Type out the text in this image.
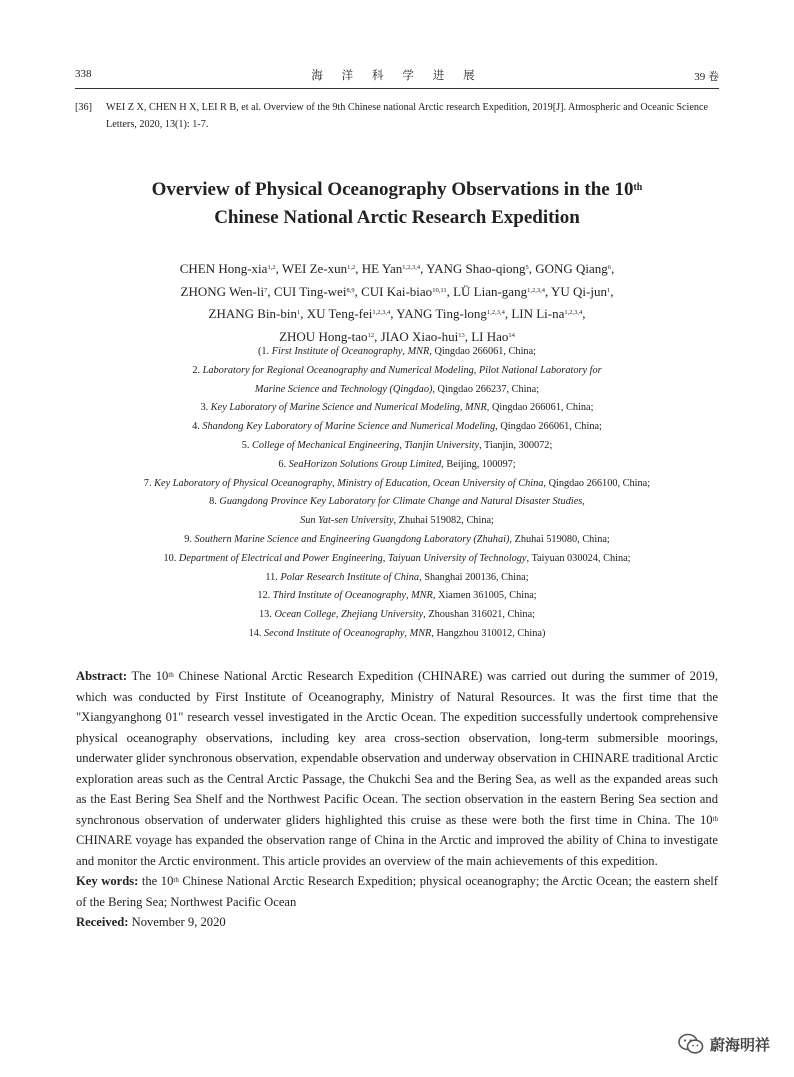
338	海 洋 科 学 进 展	39 卷
[36] WEI Z X, CHEN H X, LEI R B, et al. Overview of the 9th Chinese national Arctic research Expedition, 2019[J]. Atmospheric and Oceanic Science Letters, 2020, 13(1): 1-7.
Overview of Physical Oceanography Observations in the 10th
Chinese National Arctic Research Expedition
CHEN Hong-xia$^{1,2}$, WEI Ze-xun$^{1,2}$, HE Yan$^{1,2,3,4}$, YANG Shao-qiong$^5$, GONG Qiang$^6$,
ZHONG Wen-$li^7$, CUI Ting-wei$^{8,9}$, CUI Kai-biao$^{10,11}$, LÜ Lian-gang$^{1,2,3,4}$, YU Qi-jun$^1$,
ZHANG Bin-bin$^1$, XU Teng-fei$^{1,2,3,4}$, YANG Ting-long$^{1,2,3,4}$, LIN Li-na$^{1,2,3,4}$,
ZHOU Hong-tao$^{12}$, JIAO Xiao-hui$^{13}$, LI Hao$^{14}$
(1. First Institute of Oceanography, MNR, Qingdao 266061, China;
2. Laboratory for Regional Oceanography and Numerical Modeling, Pilot National Laboratory for
Marine Science and Technology (Qingdao), Qingdao 266237, China;
3. Key Laboratory of Marine Science and Numerical Modeling, MNR, Qingdao 266061, China;
4. Shandong Key Laboratory of Marine Science and Numerical Modeling, Qingdao 266061, China;
5. College of Mechanical Engineering, Tianjin University, Tianjin, 300072;
6. SeaHorizon Solutions Group Limited, Beijing, 100097;
7. Key Laboratory of Physical Oceanography, Ministry of Education, Ocean University of China, Qingdao 266100, China;
8. Guangdong Province Key Laboratory for Climate Change and Natural Disaster Studies,
Sun Yat-sen University, Zhuhai 519082, China;
9. Southern Marine Science and Engineering Guangdong Laboratory (Zhuhai), Zhuhai 519080, China;
10. Department of Electrical and Power Engineering, Taiyuan University of Technology, Taiyuan 030024, China;
11. Polar Research Institute of China, Shanghai 200136, China;
12. Third Institute of Oceanography, MNR, Xiamen 361005, China;
13. Ocean College, Zhejiang University, Zhoushan 316021, China;
14. Second Institute of Oceanography, MNR, Hangzhou 310012, China)

Abstract: The 10th Chinese National Arctic Research Expedition (CHINARE) was carried out during the summer of 2019, which was conducted by First Institute of Oceanography, Ministry of Natural Resources. It was the first time that the "Xiangyanghong 01" research vessel investigated in the Arctic Ocean. The expedition successfully undertook comprehensive physical oceanography observations, including key area cross-section observation, long-term submersible moorings, underwater glider synchronous observation, expendable observation and underway observation in CHINARE traditional Arctic exploration areas such as the Central Arctic Passage, the Chukchi Sea and the Bering Sea, as well as the expanded areas such as the East Bering Sea Shelf and the Northwest Pacific Ocean. The section observation in the eastern Bering Sea section and synchronous observation of underwater gliders highlighted this cruise as these were both the first time in China. The 10th CHINARE voyage has expanded the observation range of China in the Arctic and improved the ability of China to investigate and monitor the Arctic environment. This article provides an overview of the main achievements of this expedition.

Key words: the 10th Chinese National Arctic Research Expedition; physical oceanography; the Arctic Ocean; the eastern shelf of the Bering Sea; Northwest Pacific Ocean

Received: November 9, 2020

蔚海明祥
